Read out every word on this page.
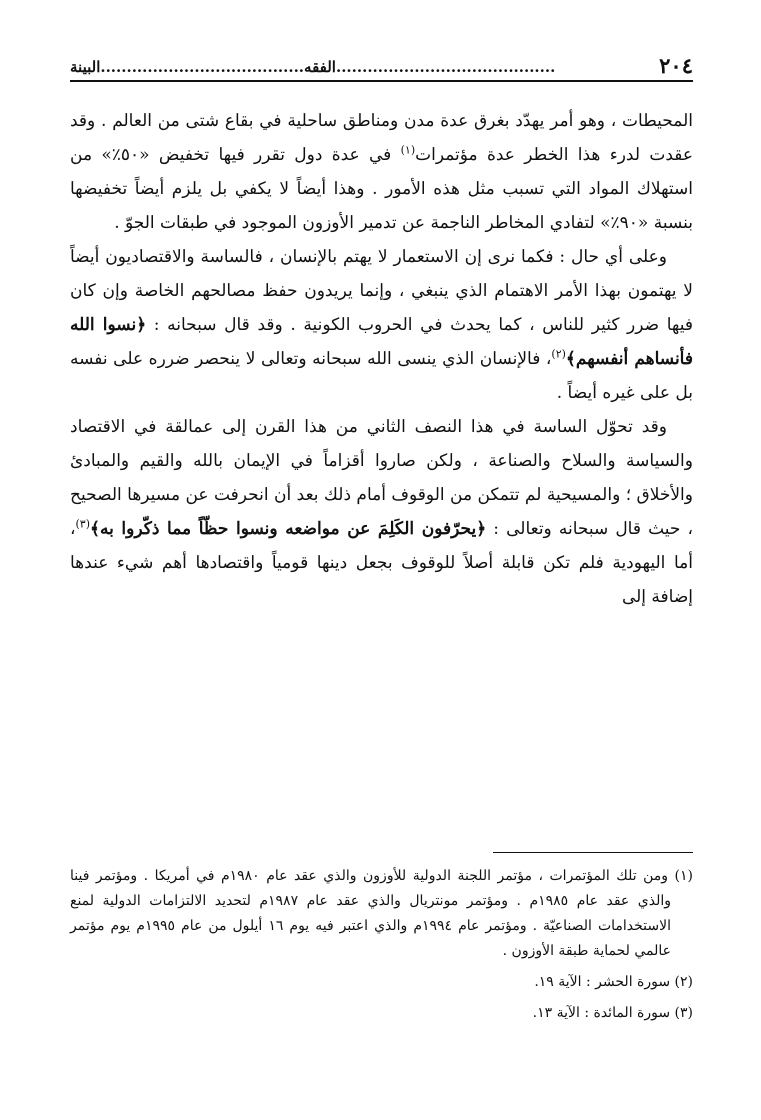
٢٠٤
الفقه.......................................البينة..........................................

المحيطات ، وهو أمر يهدّد بغرق عدة مدن ومناطق ساحلية في بقاع شتى من العالم . وقد عقدت لدرء هذا الخطر عدة مؤتمرات$^{(١)}$ في عدة دول تقرر فيها تخفيض «٥٠٪» من استهلاك المواد التي تسبب مثل هذه الأمور . وهذا أيضاً لا يكفي بل يلزم أيضاً تخفيضها بنسبة «٩٠٪» لتفادي المخاطر الناجمة عن تدمير الأوزون الموجود في طبقات الجوّ .

وعلى أي حال : فكما نرى إن الاستعمار لا يهتم بالإنسان ، فالساسة والاقتصاديون أيضاً لا يهتمون بهذا الأمر الاهتمام الذي ينبغي ، وإنما يريدون حفظ مصالحهم الخاصة وإن كان فيها ضرر كثير للناس ، كما يحدث في الحروب الكونية . وقد قال سبحانه : ﴿نسوا الله فأنساهم أنفسهم﴾$^{(٢)}$، فالإنسان الذي ينسى الله سبحانه وتعالى لا ينحصر ضرره على نفسه بل على غيره أيضاً .

وقد تحوّل الساسة في هذا النصف الثاني من هذا القرن إلى عمالقة في الاقتصاد والسياسة والسلاح والصناعة ، ولكن صاروا أقزاماً في الإيمان بالله والقيم والمبادئ والأخلاق ؛ والمسيحية لم تتمكن من الوقوف أمام ذلك بعد أن انحرفت عن مسيرها الصحيح ، حيث قال سبحانه وتعالى : ﴿يحرّفون الكَلِمَ عن مواضعه ونسوا حظّاً مما ذكّروا به﴾$^{(٣)}$، أما اليهودية فلم تكن قابلة أصلاً للوقوف بجعل دينها قومياً واقتصادها أهم شيء عندها إضافة إلى

(١) ومن تلك المؤتمرات ، مؤتمر اللجنة الدولية للأوزون والذي عقد عام ١٩٨٠م في أمريكا . ومؤتمر فينا والذي عقد عام ١٩٨٥م . ومؤتمر مونتريال والذي عقد عام ١٩٨٧م لتحديد الالتزامات الدولية لمنع الاستخدامات الصناعيّة . ومؤتمر عام ١٩٩٤م والذي اعتبر فيه يوم ١٦ أيلول من عام ١٩٩٥م يوم مؤتمر عالمي لحماية طبقة الأوزون .

(٢) سورة الحشر : الآية ١٩.

(٣) سورة المائدة : الآية ١٣.
